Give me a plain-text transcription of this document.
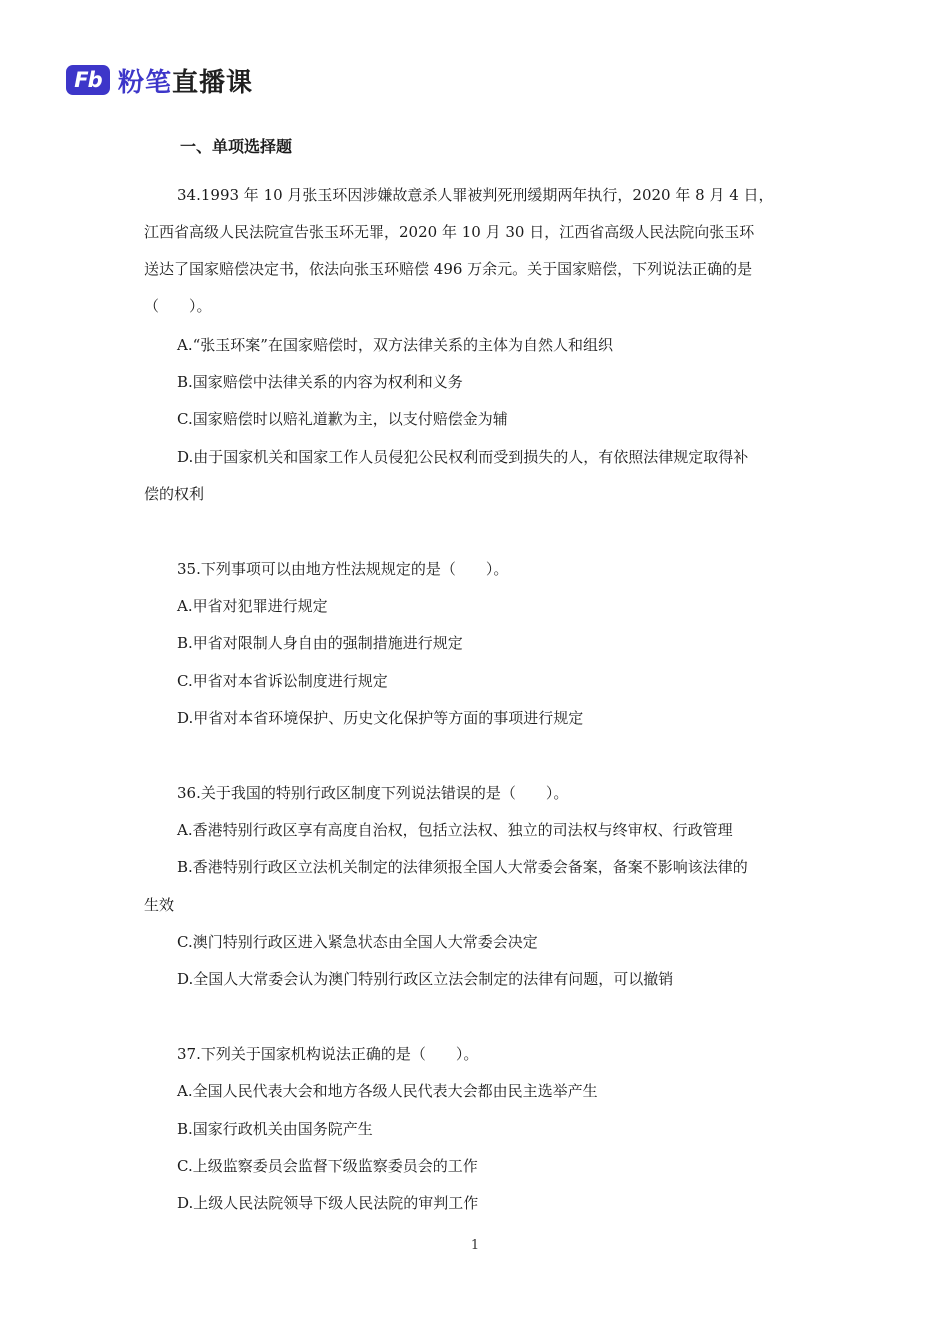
Fb 粉笔直播课
一、单项选择题
34.1993 年 10 月张玉环因涉嫌故意杀人罪被判死刑缓期两年执行，2020 年 8 月 4 日，
江西省高级人民法院宣告张玉环无罪，2020 年 10 月 30 日，江西省高级人民法院向张玉环
送达了国家赔偿决定书，依法向张玉环赔偿 496 万余元。关于国家赔偿，下列说法正确的是
（　　）。
A.“张玉环案”在国家赔偿时，双方法律关系的主体为自然人和组织
B.国家赔偿中法律关系的内容为权利和义务
C.国家赔偿时以赔礼道歉为主，以支付赔偿金为辅
D.由于国家机关和国家工作人员侵犯公民权利而受到损失的人，有依照法律规定取得补
偿的权利
35.下列事项可以由地方性法规规定的是（　　）。
A.甲省对犯罪进行规定
B.甲省对限制人身自由的强制措施进行规定
C.甲省对本省诉讼制度进行规定
D.甲省对本省环境保护、历史文化保护等方面的事项进行规定
36.关于我国的特别行政区制度下列说法错误的是（　　）。
A.香港特别行政区享有高度自治权，包括立法权、独立的司法权与终审权、行政管理
B.香港特别行政区立法机关制定的法律须报全国人大常委会备案，备案不影响该法律的
生效
C.澳门特别行政区进入紧急状态由全国人大常委会决定
D.全国人大常委会认为澳门特别行政区立法会制定的法律有问题，可以撤销
37.下列关于国家机构说法正确的是（　　）。
A.全国人民代表大会和地方各级人民代表大会都由民主选举产生
B.国家行政机关由国务院产生
C.上级监察委员会监督下级监察委员会的工作
D.上级人民法院领导下级人民法院的审判工作
1
